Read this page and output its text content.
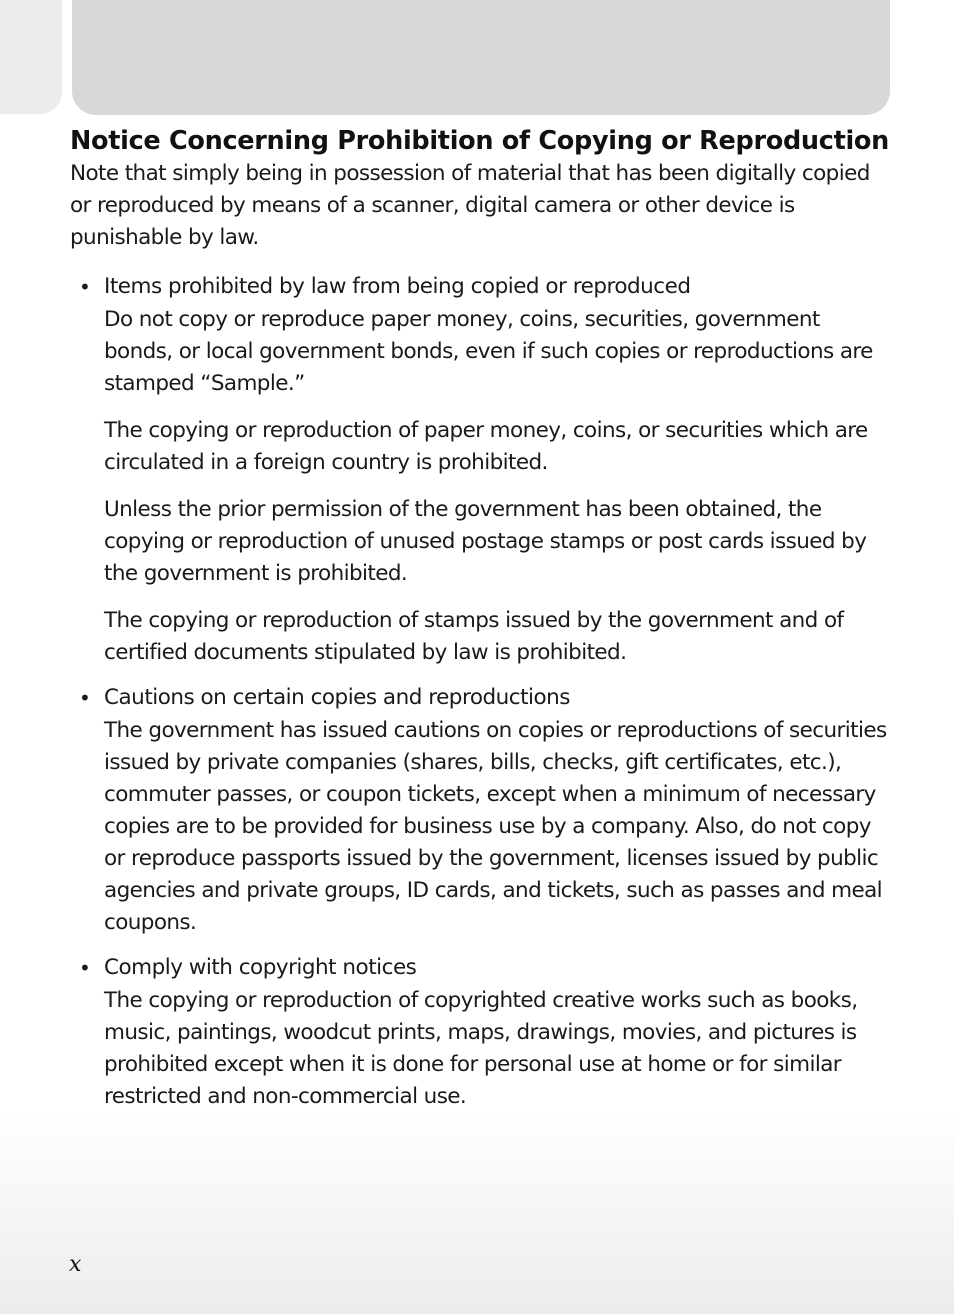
Notice Concerning Prohibition of Copying or Reproduction

Note that simply being in possession of material that has been digitally copied or reproduced by means of a scanner, digital camera or other device is punishable by law.

• Items prohibited by law from being copied or reproduced

Do not copy or reproduce paper money, coins, securities, government bonds, or local government bonds, even if such copies or reproductions are stamped “Sample.”

The copying or reproduction of paper money, coins, or securities which are circulated in a foreign country is prohibited.

Unless the prior permission of the government has been obtained, the copying or reproduction of unused postage stamps or post cards issued by the government is prohibited.

The copying or reproduction of stamps issued by the government and of certified documents stipulated by law is prohibited.

• Cautions on certain copies and reproductions

The government has issued cautions on copies or reproductions of securities issued by private companies (shares, bills, checks, gift certificates, etc.), commuter passes, or coupon tickets, except when a minimum of necessary copies are to be provided for business use by a company. Also, do not copy or reproduce passports issued by the government, licenses issued by public agencies and private groups, ID cards, and tickets, such as passes and meal coupons.

• Comply with copyright notices

The copying or reproduction of copyrighted creative works such as books, music, paintings, woodcut prints, maps, drawings, movies, and pictures is prohibited except when it is done for personal use at home or for similar restricted and non-commercial use.

x
